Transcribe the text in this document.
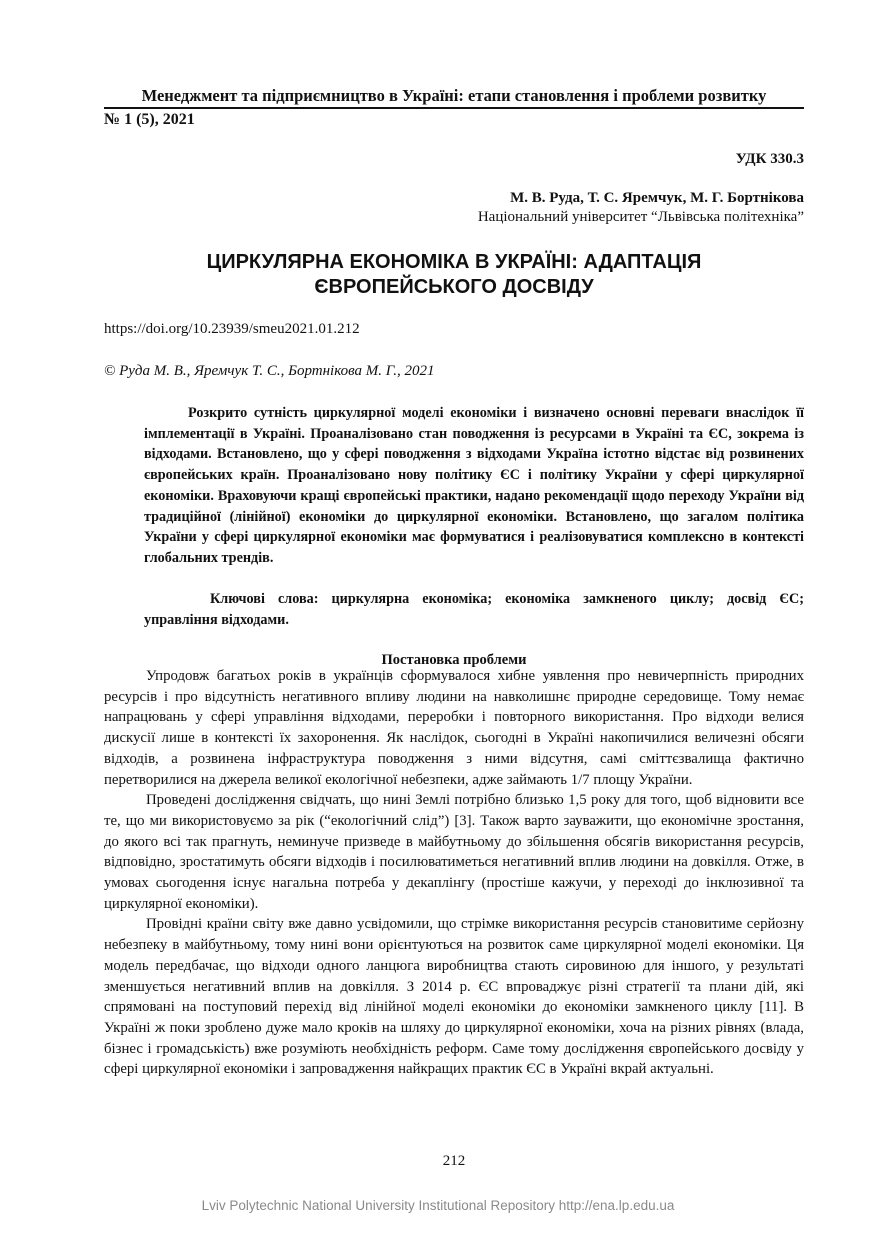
Менеджмент та підприємництво в Україні: етапи становлення і проблеми розвитку
№ 1 (5), 2021
УДК 330.3
М. В. Руда, Т. С. Яремчук, М. Г. Бортнікова
Національний університет “Львівська політехніка”
ЦИРКУЛЯРНА ЕКОНОМІКА В УКРАЇНІ: АДАПТАЦІЯ
ЄВРОПЕЙСЬКОГО ДОСВІДУ
https://doi.org/10.23939/smeu2021.01.212
© Руда М. В., Яремчук Т. С., Бортнікова М. Г., 2021

Розкрито сутність циркулярної моделі економіки і визначено основні переваги внаслідок її імплементації в Україні. Проаналізовано стан поводження із ресурсами в Україні та ЄС, зокрема із відходами. Встановлено, що у сфері поводження з відходами Україна істотно відстає від розвинених європейських країн. Проаналізовано нову політику ЄС і політику України у сфері циркулярної економіки. Враховуючи кращі європейські практики, надано рекомендації щодо переходу України від традиційної (лінійної) економіки до циркулярної економіки. Встановлено, що загалом політика України у сфері циркулярної економіки має формуватися і реалізовуватися комплексно в контексті глобальних трендів.

Ключові слова: циркулярна економіка; економіка замкненого циклу; досвід ЄС; управління відходами.

Постановка проблеми

Упродовж багатьох років в українців сформувалося хибне уявлення про невичерпність природних ресурсів і про відсутність негативного впливу людини на навколишнє природне середовище. Тому немає напрацювань у сфері управління відходами, переробки і повторного використання. Про відходи велися дискусії лише в контексті їх захоронення. Як наслідок, сьогодні в Україні накопичилися величезні обсяги відходів, а розвинена інфраструктура поводження з ними відсутня, самі сміттєзвалища фактично перетворилися на джерела великої екологічної небезпеки, адже займають 1/7 площу України.

Проведені дослідження свідчать, що нині Землі потрібно близько 1,5 року для того, щоб відновити все те, що ми використовуємо за рік (“екологічний слід”) [3]. Також варто зауважити, що економічне зростання, до якого всі так прагнуть, неминуче призведе в майбутньому до збільшення обсягів використання ресурсів, відповідно, зростатимуть обсяги відходів і посилюватиметься негативний вплив людини на довкілля. Отже, в умовах сьогодення існує нагальна потреба у декаплінгу (простіше кажучи, у переході до інклюзивної та циркулярної економіки).

Провідні країни світу вже давно усвідомили, що стрімке використання ресурсів становитиме серйозну небезпеку в майбутньому, тому нині вони орієнтуються на розвиток саме циркулярної моделі економіки. Ця модель передбачає, що відходи одного ланцюга виробництва стають сировиною для іншого, у результаті зменшується негативний вплив на довкілля. З 2014 р. ЄС впроваджує різні стратегії та плани дій, які спрямовані на поступовий перехід від лінійної моделі економіки до економіки замкненого циклу [11]. В Україні ж поки зроблено дуже мало кроків на шляху до циркулярної економіки, хоча на різних рівнях (влада, бізнес і громадськість) вже розуміють необхідність реформ. Саме тому дослідження європейського досвіду у сфері циркулярної економіки і запровадження найкращих практик ЄС в Україні вкрай актуальні.

212
Lviv Polytechnic National University Institutional Repository http://ena.lp.edu.ua
